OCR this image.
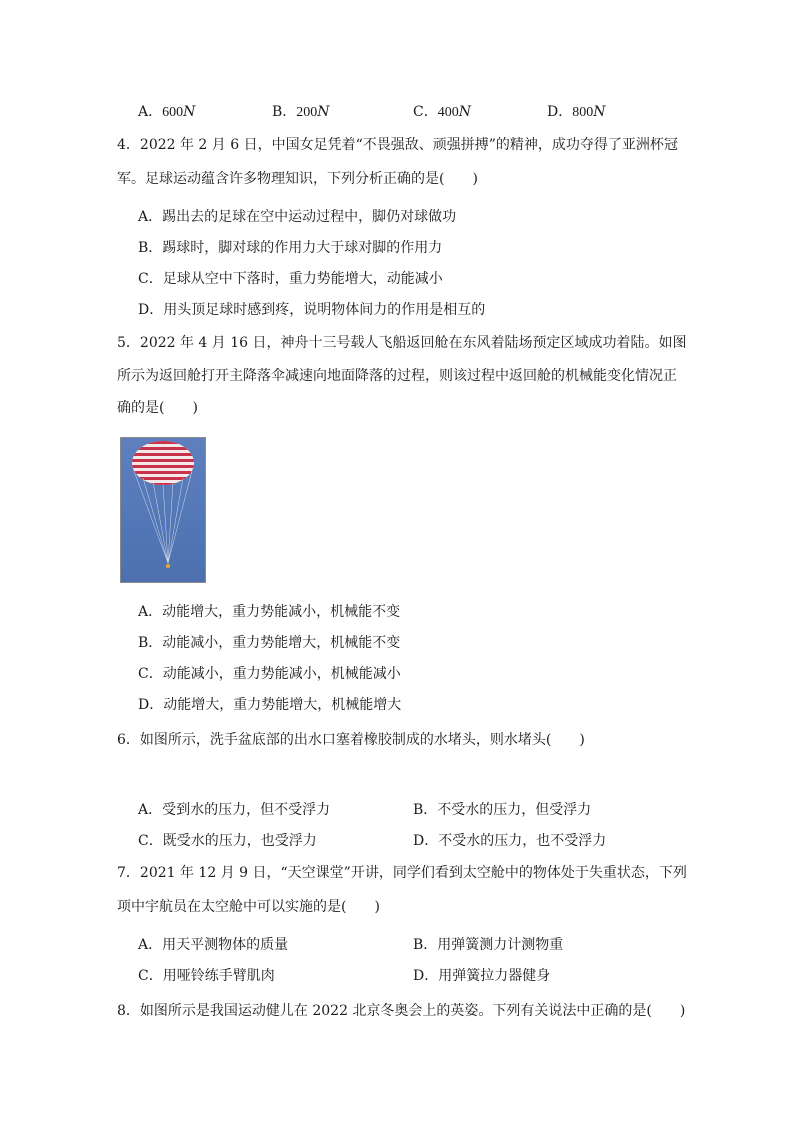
A．600N	B．200N	C．400N	D．800N
4．2022 年 2 月 6 日，中国女足凭着“不畏强敌、顽强拼搏”的精神，成功夺得了亚洲杯冠
军。足球运动蕴含许多物理知识，下列分析正确的是(　　)
A．踢出去的足球在空中运动过程中，脚仍对球做功
B．踢球时，脚对球的作用力大于球对脚的作用力
C．足球从空中下落时，重力势能增大，动能减小
D．用头顶足球时感到疼，说明物体间力的作用是相互的
5．2022 年 4 月 16 日，神舟十三号载人飞船返回舱在东风着陆场预定区域成功着陆。如图
所示为返回舱打开主降落伞减速向地面降落的过程，则该过程中返回舱的机械能变化情况正
确的是(　　)
A．动能增大，重力势能减小，机械能不变
B．动能减小，重力势能增大，机械能不变
C．动能减小，重力势能减小，机械能减小
D．动能增大，重力势能增大，机械能增大
6．如图所示，洗手盆底部的出水口塞着橡胶制成的水堵头，则水堵头(　　)
A．受到水的压力，但不受浮力	B．不受水的压力，但受浮力
C．既受水的压力，也受浮力	D．不受水的压力，也不受浮力
7．2021 年 12 月 9 日，“天空课堂”开讲，同学们看到太空舱中的物体处于失重状态，下列
项中宇航员在太空舱中可以实施的是(　　)
A．用天平测物体的质量	B．用弹簧测力计测物重
C．用哑铃练手臂肌肉	D．用弹簧拉力器健身
8．如图所示是我国运动健儿在 2022 北京冬奥会上的英姿。下列有关说法中正确的是(　　)
